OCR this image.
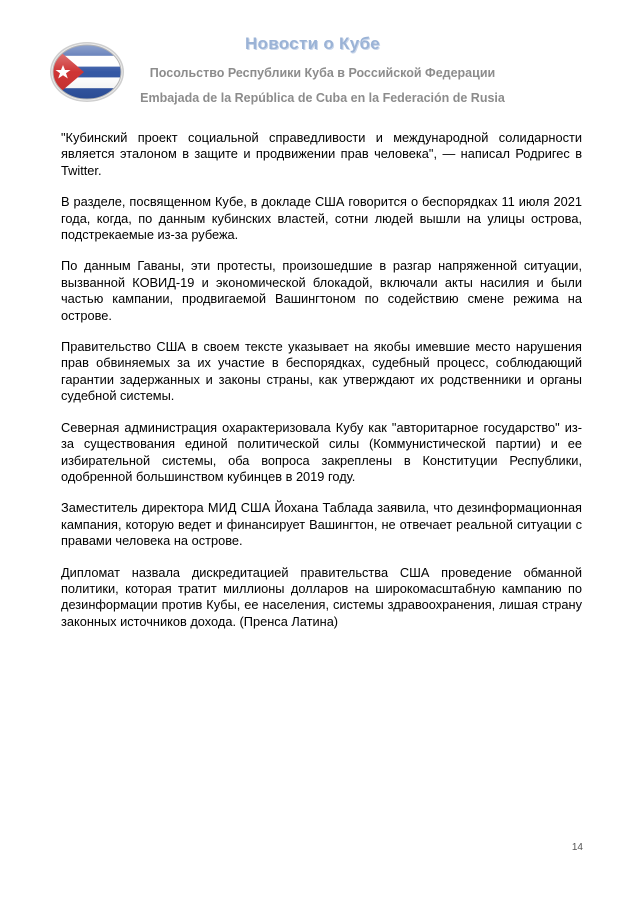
Новости о Кубе
Посольство Республики Куба в Российской Федерации
Embajada de la República de Cuba en la Federación de Rusia

"Кубинский проект социальной справедливости и международной солидарности является эталоном в защите и продвижении прав человека", — написал Родригес в Twitter.

В разделе, посвященном Кубе, в докладе США говорится о беспорядках 11 июля 2021 года, когда, по данным кубинских властей, сотни людей вышли на улицы острова, подстрекаемые из-за рубежа.

По данным Гаваны, эти протесты, произошедшие в разгар напряженной ситуации, вызванной КОВИД-19 и экономической блокадой, включали акты насилия и были частью кампании, продвигаемой Вашингтоном по содействию смене режима на острове.

Правительство США в своем тексте указывает на якобы имевшие место нарушения прав обвиняемых за их участие в беспорядках, судебный процесс, соблюдающий гарантии задержанных и законы страны, как утверждают их родственники и органы судебной системы.

Северная администрация охарактеризовала Кубу как "авторитарное государство" из-за существования единой политической силы (Коммунистической партии) и ее избирательной системы, оба вопроса закреплены в Конституции Республики, одобренной большинством кубинцев в 2019 году.

Заместитель директора МИД США Йохана Таблада заявила, что дезинформационная кампания, которую ведет и финансирует Вашингтон, не отвечает реальной ситуации с правами человека на острове.

Дипломат назвала дискредитацией правительства США проведение обманной политики, которая тратит миллионы долларов на широкомасштабную кампанию по дезинформации против Кубы, ее населения, системы здравоохранения, лишая страну законных источников дохода. (Пренса Латина)

14
